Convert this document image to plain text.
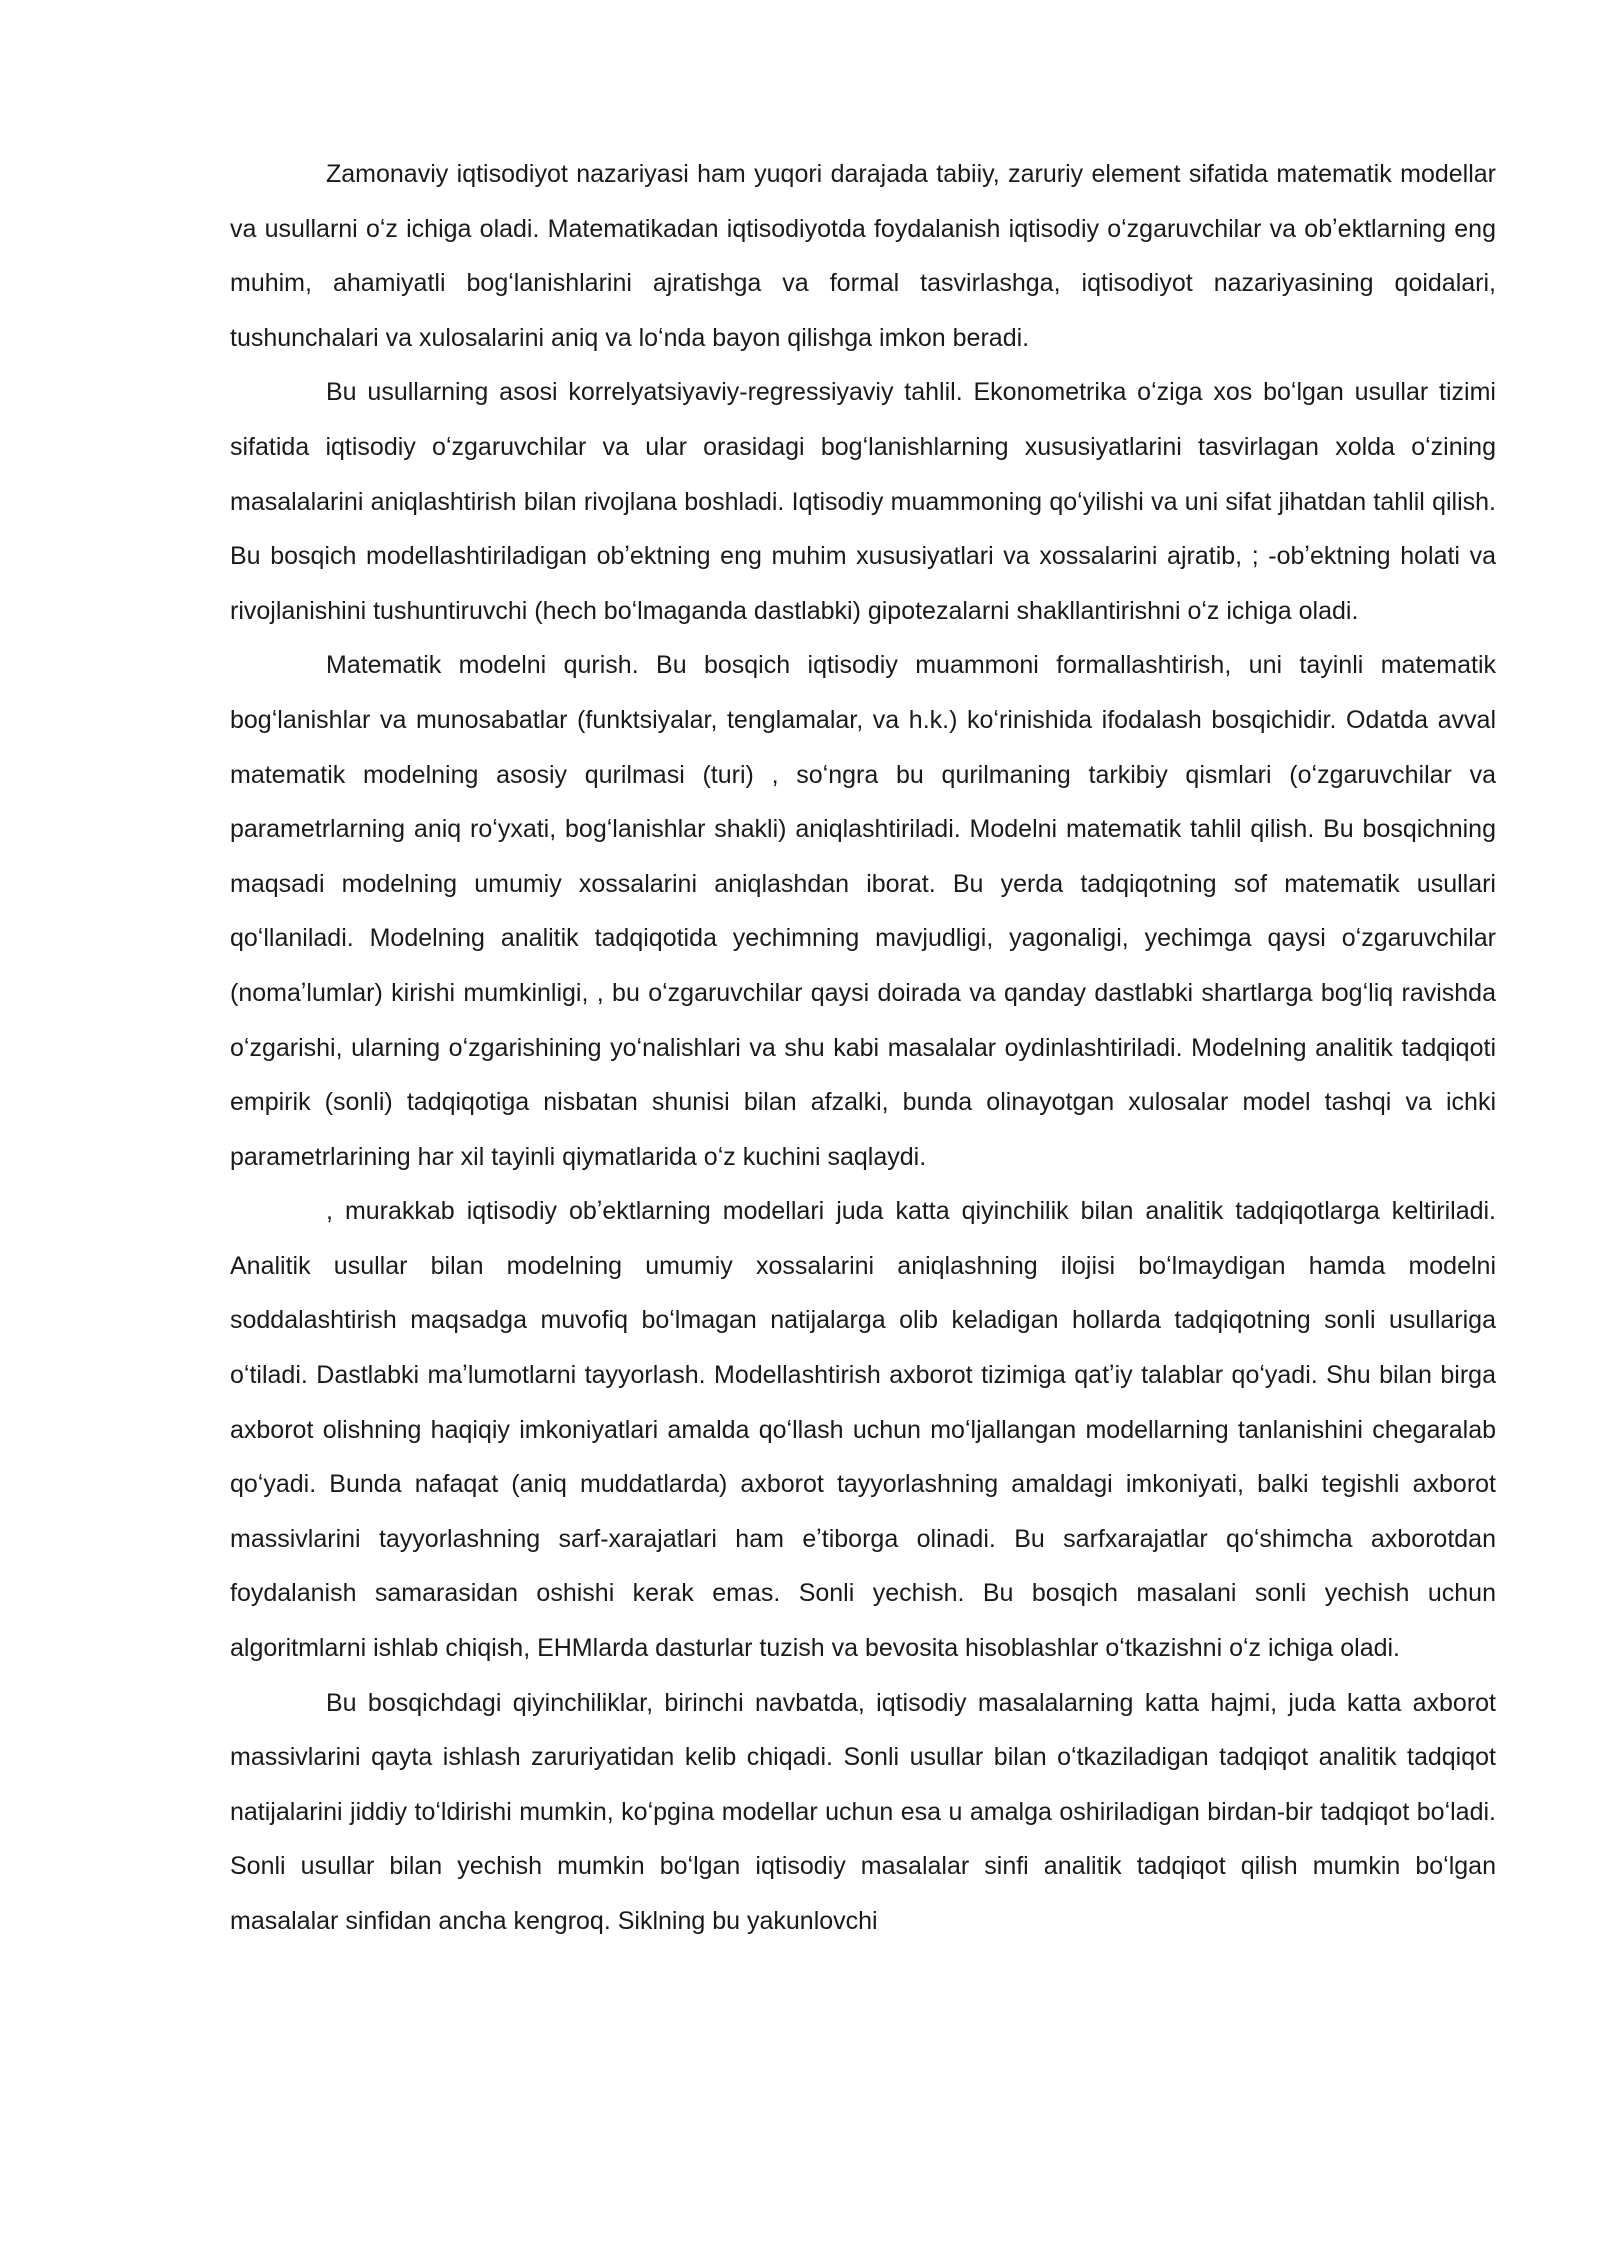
Zamonaviy iqtisodiyot nazariyasi ham yuqori darajada tabiiy, zaruriy element sifatida matematik modellar va usullarni oʻz ichiga oladi. Matematikadan iqtisodiyotda foydalanish iqtisodiy oʻzgaruvchilar va obʼektlarning eng muhim, ahamiyatli bogʻlanishlarini ajratishga va formal tasvirlashga, iqtisodiyot nazariyasining qoidalari, tushunchalari va xulosalarini aniq va loʻnda bayon qilishga imkon beradi.

Bu usullarning asosi korrelyatsiyaviy-regressiyaviy tahlil. Ekonometrika oʻziga xos boʻlgan usullar tizimi sifatida iqtisodiy oʻzgaruvchilar va ular orasidagi bogʻlanishlarning xususiyatlarini tasvirlagan xolda oʻzining masalalarini aniqlashtirish bilan rivojlana boshladi. Iqtisodiy muammoning qoʻyilishi va uni sifat jihatdan tahlil qilish. Bu bosqich modellashtiriladigan obʼektning eng muhim xususiyatlari va xossalarini ajratib, ; -obʼektning holati va rivojlanishini tushuntiruvchi (hech boʻlmaganda dastlabki) gipotezalarni shakllantirishni oʻz ichiga oladi.

Matematik modelni qurish. Bu bosqich iqtisodiy muammoni formallashtirish, uni tayinli matematik bogʻlanishlar va munosabatlar (funktsiyalar, tenglamalar, va h.k.) koʻrinishida ifodalash bosqichidir. Odatda avval matematik modelning asosiy qurilmasi (turi) , soʻngra bu qurilmaning tarkibiy qismlari (oʻzgaruvchilar va parametrlarning aniq roʻyxati, bogʻlanishlar shakli) aniqlashtiriladi. Modelni matematik tahlil qilish. Bu bosqichning maqsadi modelning umumiy xossalarini aniqlashdan iborat. Bu yerda tadqiqotning sof matematik usullari qoʻllaniladi. Modelning analitik tadqiqotida yechimning mavjudligi, yagonaligi, yechimga qaysi oʻzgaruvchilar (nomaʼlumlar) kirishi mumkinligi, , bu oʻzgaruvchilar qaysi doirada va qanday dastlabki shartlarga bogʻliq ravishda oʻzgarishi, ularning oʻzgarishining yoʻnalishlari va shu kabi masalalar oydinlashtiriladi. Modelning analitik tadqiqoti empirik (sonli) tadqiqotiga nisbatan shunisi bilan afzalki, bunda olinayotgan xulosalar model tashqi va ichki parametrlarining har xil tayinli qiymatlarida oʻz kuchini saqlaydi.

, murakkab iqtisodiy obʼektlarning modellari juda katta qiyinchilik bilan analitik tadqiqotlarga keltiriladi. Analitik usullar bilan modelning umumiy xossalarini aniqlashning ilojisi boʻlmaydigan hamda modelni soddalashtirish maqsadga muvofiq boʻlmagan natijalarga olib keladigan hollarda tadqiqotning sonli usullariga oʻtiladi. Dastlabki maʼlumotlarni tayyorlash. Modellashtirish axborot tizimiga qatʼiy talablar qoʻyadi. Shu bilan birga axborot olishning haqiqiy imkoniyatlari amalda qoʻllash uchun moʻljallangan modellarning tanlanishini chegaralab qoʻyadi. Bunda nafaqat (aniq muddatlarda) axborot tayyorlashning amaldagi imkoniyati, balki tegishli axborot massivlarini tayyorlashning sarf-xarajatlari ham eʼtiborga olinadi. Bu sarfxarajatlar qoʻshimcha axborotdan foydalanish samarasidan oshishi kerak emas. Sonli yechish. Bu bosqich masalani sonli yechish uchun algoritmlarni ishlab chiqish, EHMlarda dasturlar tuzish va bevosita hisoblashlar oʻtkazishni oʻz ichiga oladi.

Bu bosqichdagi qiyinchiliklar, birinchi navbatda, iqtisodiy masalalarning katta hajmi, juda katta axborot massivlarini qayta ishlash zaruriyatidan kelib chiqadi. Sonli usullar bilan oʻtkaziladigan tadqiqot analitik tadqiqot natijalarini jiddiy toʻldirishi mumkin, koʻpgina modellar uchun esa u amalga oshiriladigan birdan-bir tadqiqot boʻladi. Sonli usullar bilan yechish mumkin boʻlgan iqtisodiy masalalar sinfi analitik tadqiqot qilish mumkin boʻlgan masalalar sinfidan ancha kengroq. Siklning bu yakunlovchi
